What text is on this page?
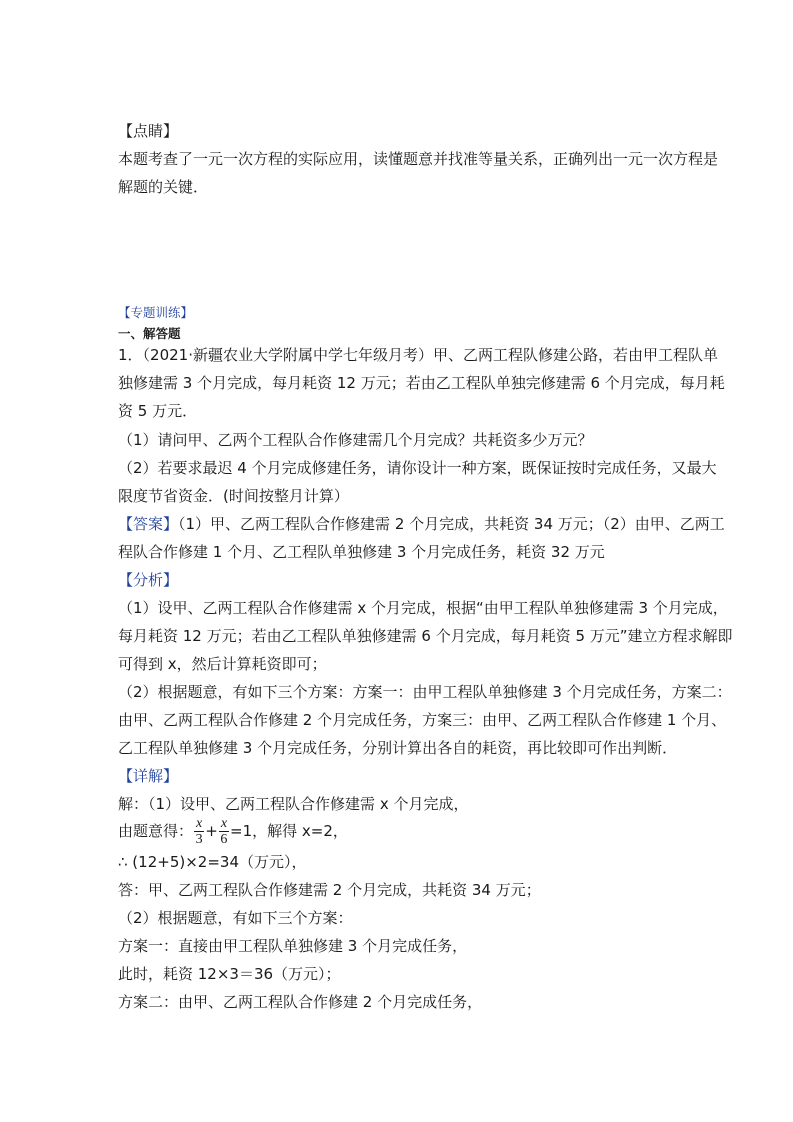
【点睛】
本题考查了一元一次方程的实际应用，读懂题意并找准等量关系，正确列出一元一次方程是
解题的关键．
【专题训练】
一、解答题
1．（2021·新疆农业大学附属中学七年级月考）甲、乙两工程队修建公路，若由甲工程队单
独修建需 3 个月完成，每月耗资 12 万元；若由乙工程队单独完修建需 6 个月完成，每月耗
资 5 万元．
（1）请问甲、乙两个工程队合作修建需几个月完成？共耗资多少万元？
（2）若要求最迟 4 个月完成修建任务，请你设计一种方案，既保证按时完成任务，又最大
限度节省资金．(时间按整月计算）
【答案】（1）甲、乙两工程队合作修建需 2 个月完成，共耗资 34 万元；（2）由甲、乙两工
程队合作修建 1 个月、乙工程队单独修建 3 个月完成任务，耗资 32 万元
【分析】
（1）设甲、乙两工程队合作修建需 x 个月完成，根据“由甲工程队单独修建需 3 个月完成，
每月耗资 12 万元；若由乙工程队单独修建需 6 个月完成，每月耗资 5 万元”建立方程求解即
可得到 x，然后计算耗资即可；
（2）根据题意，有如下三个方案：方案一：由甲工程队单独修建 3 个月完成任务，方案二：
由甲、乙两工程队合作修建 2 个月完成任务，方案三：由甲、乙两工程队合作修建 1 个月、
乙工程队单独修建 3 个月完成任务，分别计算出各自的耗资，再比较即可作出判断．
【详解】
解：（1）设甲、乙两工程队合作修建需 x 个月完成，
由题意得： $\frac{x}{3} + \frac{x}{6} =1$，解得 x=2，
∴ (12+5)×2=34（万元），
答：甲、乙两工程队合作修建需 2 个月完成，共耗资 34 万元；
（2）根据题意，有如下三个方案：
方案一：直接由甲工程队单独修建 3 个月完成任务，
此时，耗资 12×3＝36（万元）；
方案二：由甲、乙两工程队合作修建 2 个月完成任务，
